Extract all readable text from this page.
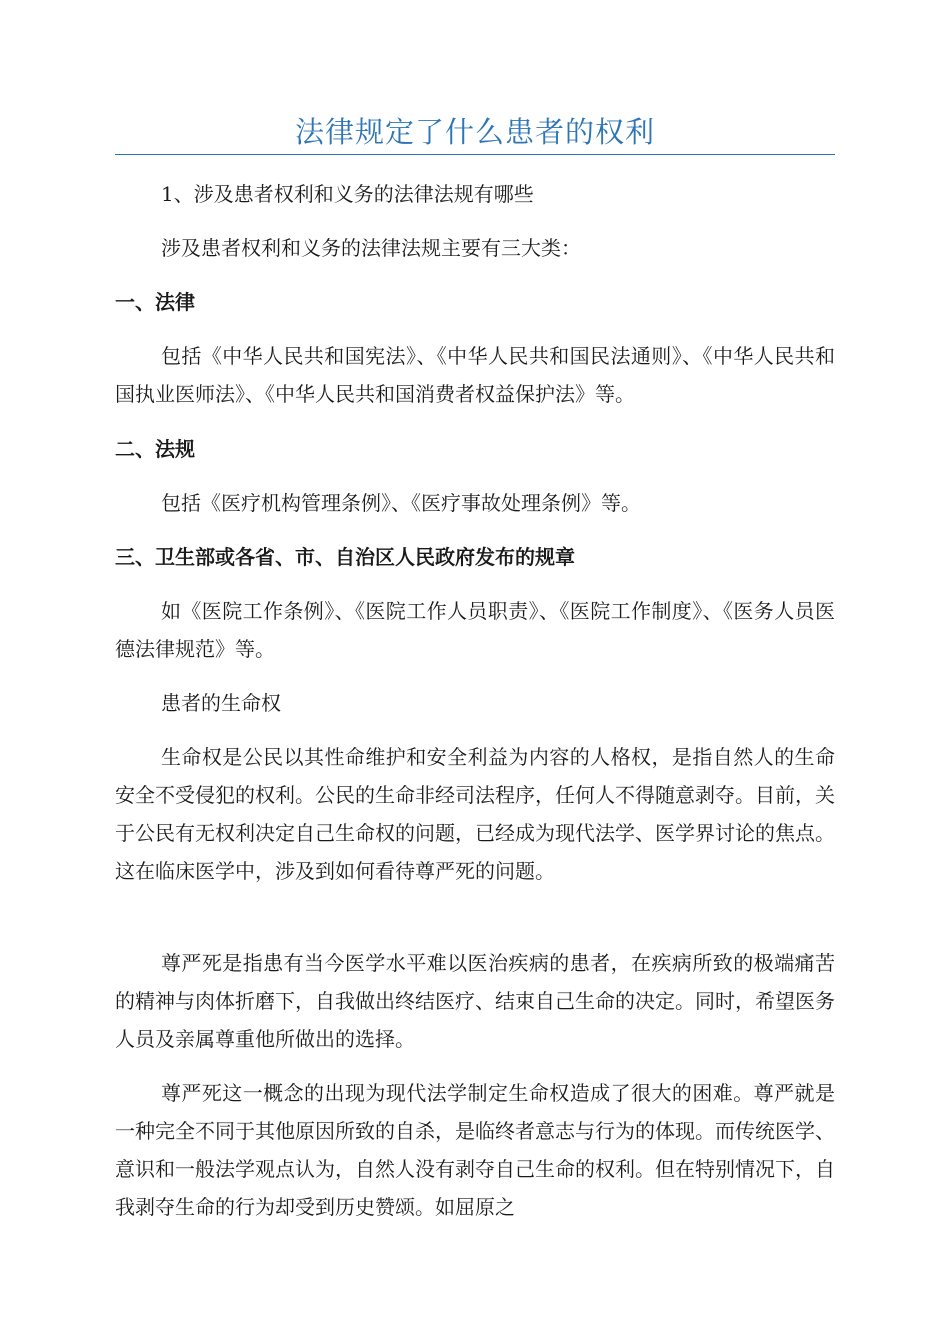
法律规定了什么患者的权利

1、涉及患者权利和义务的法律法规有哪些

涉及患者权利和义务的法律法规主要有三大类：

一、法律

包括《中华人民共和国宪法》、《中华人民共和国民法通则》、《中华人民共和国执业医师法》、《中华人民共和国消费者权益保护法》等。

二、法规

包括《医疗机构管理条例》、《医疗事故处理条例》等。

三、卫生部或各省、市、自治区人民政府发布的规章

如《医院工作条例》、《医院工作人员职责》、《医院工作制度》、《医务人员医德法律规范》等。

患者的生命权

生命权是公民以其性命维护和安全利益为内容的人格权，是指自然人的生命安全不受侵犯的权利。公民的生命非经司法程序，任何人不得随意剥夺。目前，关于公民有无权利决定自己生命权的问题，已经成为现代法学、医学界讨论的焦点。这在临床医学中，涉及到如何看待尊严死的问题。

尊严死是指患有当今医学水平难以医治疾病的患者，在疾病所致的极端痛苦的精神与肉体折磨下，自我做出终结医疗、结束自己生命的决定。同时，希望医务人员及亲属尊重他所做出的选择。

尊严死这一概念的出现为现代法学制定生命权造成了很大的困难。尊严就是一种完全不同于其他原因所致的自杀，是临终者意志与行为的体现。而传统医学、意识和一般法学观点认为，自然人没有剥夺自己生命的权利。但在特别情况下，自我剥夺生命的行为却受到历史赞颂。如屈原之
